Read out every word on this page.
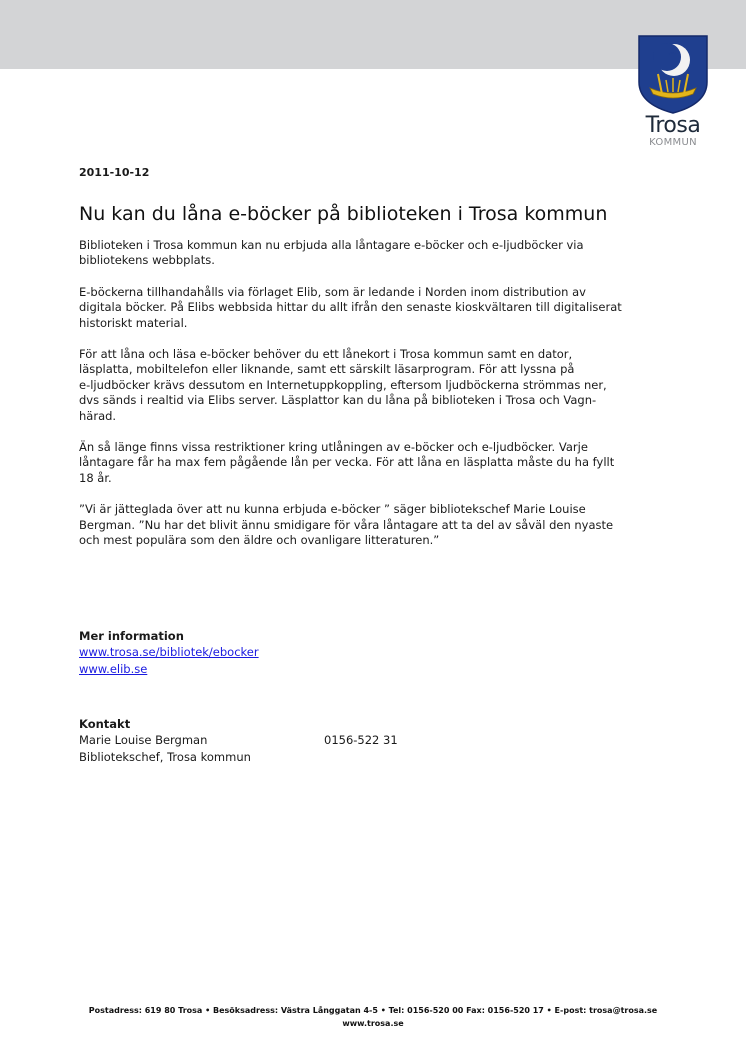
Trosa
KOMMUN

2011-10-12

Nu kan du låna e-böcker på biblioteken i Trosa kommun

Biblioteken i Trosa kommun kan nu erbjuda alla låntagare e-böcker och e-ljudböcker via
bibliotekens webbplats.

E-böckerna tillhandahålls via förlaget Elib, som är ledande i Norden inom distribution av
digitala böcker. På Elibs webbsida hittar du allt ifrån den senaste kioskvältaren till digitaliserat
historiskt material.

För att låna och läsa e-böcker behöver du ett lånekort i Trosa kommun samt en dator,
läsplatta, mobiltelefon eller liknande, samt ett särskilt läsarprogram. För att lyssna på
e-ljudböcker krävs dessutom en Internetuppkoppling, eftersom ljudböckerna strömmas ner,
dvs sänds i realtid via Elibs server. Läsplattor kan du låna på biblioteken i Trosa och Vagn-
härad.

Än så länge finns vissa restriktioner kring utlåningen av e-böcker och e-ljudböcker. Varje
låntagare får ha max fem pågående lån per vecka. För att låna en läsplatta måste du ha fyllt
18 år.

”Vi är jätteglada över att nu kunna erbjuda e-böcker ” säger bibliotekschef Marie Louise
Bergman. ”Nu har det blivit ännu smidigare för våra låntagare att ta del av såväl den nyaste
och mest populära som den äldre och ovanligare litteraturen.”

Mer information

www.trosa.se/bibliotek/ebocker
www.elib.se

Kontakt

Marie Louise Bergman	0156-522 31
Bibliotekschef, Trosa kommun
Postadress: 619 80 Trosa • Besöksadress: Västra Långgatan 4-5 • Tel: 0156-520 00 Fax: 0156-520 17 • E-post: trosa@trosa.se
www.trosa.se
